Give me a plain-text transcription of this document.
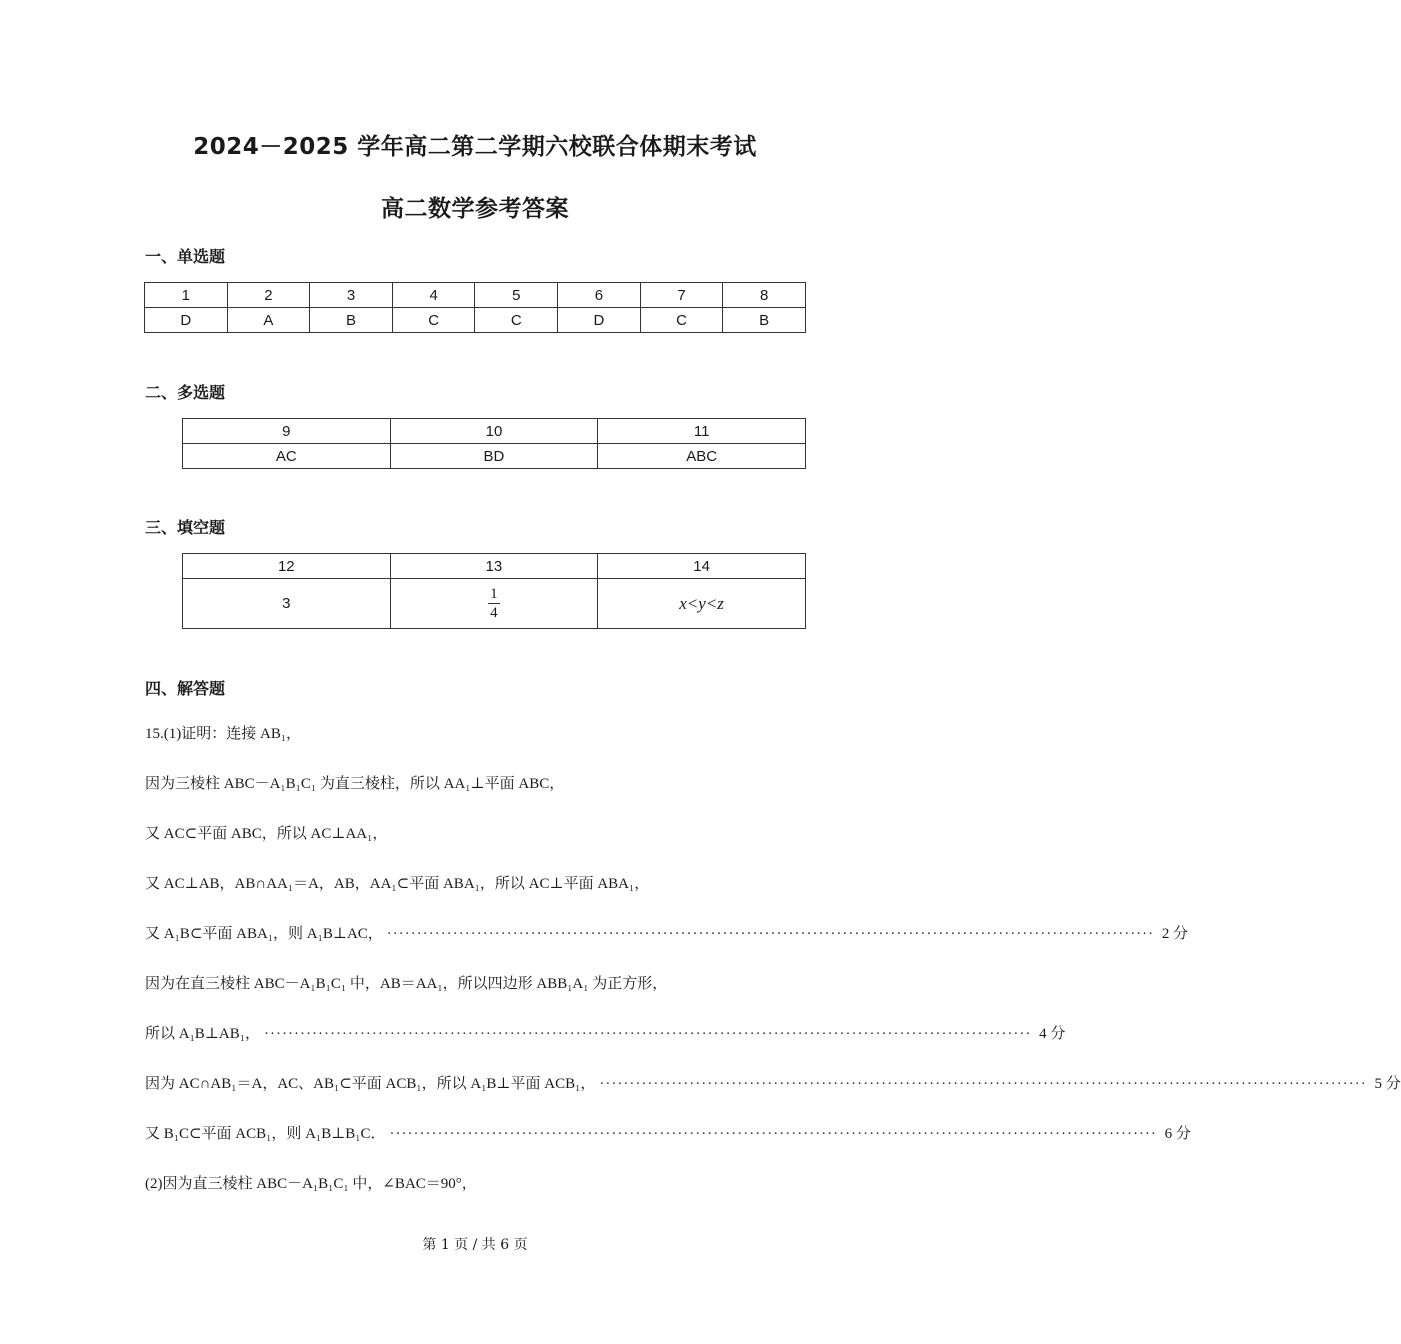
2024－2025 学年高二第二学期六校联合体期末考试
高二数学参考答案
一、单选题
1	2	3	4	5	6	7	8
D	A	B	C	C	D	C	B
二、多选题
9	10	11
AC	BD	ABC
三、填空题
12	13	14
3	$\frac{1}{4}$	x<y<z
四、解答题
15.(1)证明：连接 AB₁，
因为三棱柱 ABC－A₁B₁C₁ 为直三棱柱，所以 AA₁⊥平面 ABC，
又 AC⊂平面 ABC，所以 AC⊥AA₁，
又 AC⊥AB，AB∩AA₁＝A，AB，AA₁⊂平面 ABA₁，所以 AC⊥平面 ABA₁，
又 A₁B⊂平面 ABA₁，则 A₁B⊥AC， ································································································································ 2 分
因为在直三棱柱 ABC－A₁B₁C₁ 中，AB＝AA₁，所以四边形 ABB₁A₁ 为正方形，
所以 A₁B⊥AB₁， ································································································································ 4 分
因为 AC∩AB₁＝A，AC、AB₁⊂平面 ACB₁，所以 A₁B⊥平面 ACB₁， ································································································································ 5 分
又 B₁C⊂平面 ACB₁，则 A₁B⊥B₁C． ································································································································ 6 分
(2)因为直三棱柱 ABC－A₁B₁C₁ 中，∠BAC＝90°，
第 1 页 / 共 6 页
